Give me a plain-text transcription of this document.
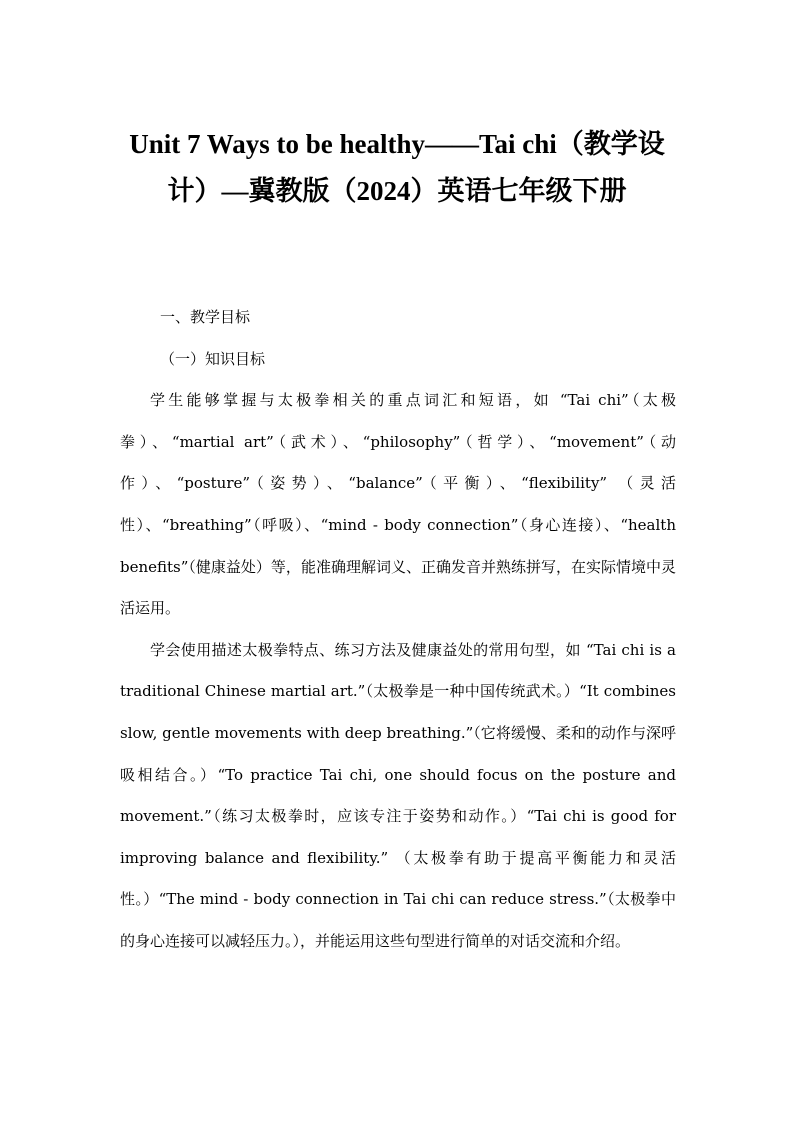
Unit 7 Ways to be healthy——Tai chi（教学设计）—冀教版（2024）英语七年级下册

一、教学目标

（一）知识目标

学生能够掌握与太极拳相关的重点词汇和短语，如 “Tai chi”（太极拳）、“martial art”（武术）、“philosophy”（哲学）、“movement”（动作）、“posture”（姿势）、“balance”（平衡）、“flexibility” （灵活性）、“breathing”（呼吸）、“mind - body connection”（身心连接）、“health benefits”（健康益处）等，能准确理解词义、正确发音并熟练拼写，在实际情境中灵活运用。

学会使用描述太极拳特点、练习方法及健康益处的常用句型，如 “Tai chi is a traditional Chinese martial art.”（太极拳是一种中国传统武术。）“It combines slow, gentle movements with deep breathing.”（它将缓慢、柔和的动作与深呼吸相结合。）“To practice Tai chi, one should focus on the posture and movement.”（练习太极拳时，应该专注于姿势和动作。）“Tai chi is good for improving balance and flexibility.” （太极拳有助于提高平衡能力和灵活性。）“The mind - body connection in Tai chi can reduce stress.”（太极拳中的身心连接可以减轻压力。），并能运用这些句型进行简单的对话交流和介绍。
